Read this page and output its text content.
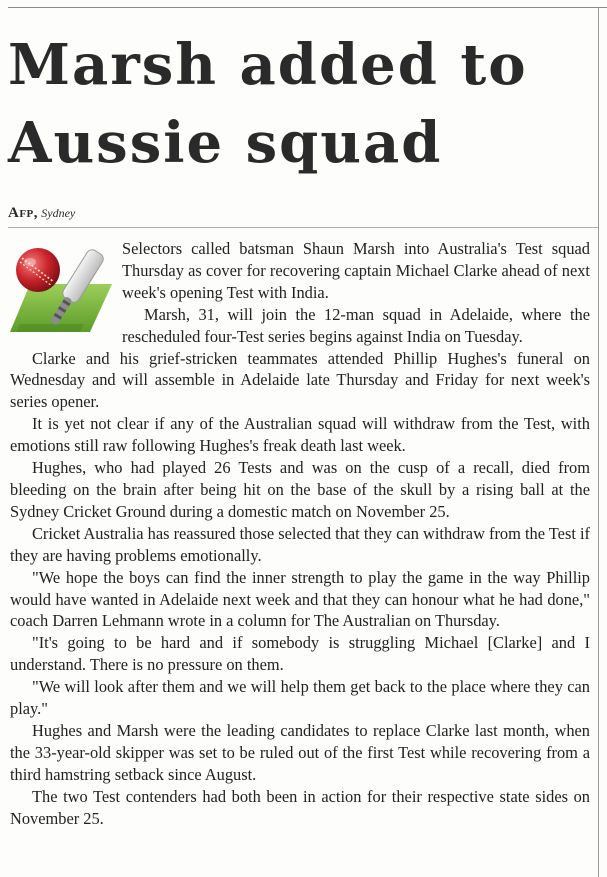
Marsh added to Aussie squad
Afp, Sydney

Selectors called batsman Shaun Marsh into Australia's Test squad Thursday as cover for recovering captain Michael Clarke ahead of next week's opening Test with India.

Marsh, 31, will join the 12-man squad in Adelaide, where the rescheduled four-Test series begins against India on Tuesday.

Clarke and his grief-stricken teammates attended Phillip Hughes's funeral on Wednesday and will assemble in Adelaide late Thursday and Friday for next week's series opener.

It is yet not clear if any of the Australian squad will withdraw from the Test, with emotions still raw following Hughes's freak death last week.

Hughes, who had played 26 Tests and was on the cusp of a recall, died from bleeding on the brain after being hit on the base of the skull by a rising ball at the Sydney Cricket Ground during a domestic match on November 25.

Cricket Australia has reassured those selected that they can withdraw from the Test if they are having problems emotionally.

"We hope the boys can find the inner strength to play the game in the way Phillip would have wanted in Adelaide next week and that they can honour what he had done," coach Darren Lehmann wrote in a column for The Australian on Thursday.

"It's going to be hard and if somebody is struggling Michael [Clarke] and I understand. There is no pressure on them.

"We will look after them and we will help them get back to the place where they can play."

Hughes and Marsh were the leading candidates to replace Clarke last month, when the 33-year-old skipper was set to be ruled out of the first Test while recovering from a third hamstring setback since August.

The two Test contenders had both been in action for their respective state sides on November 25.
